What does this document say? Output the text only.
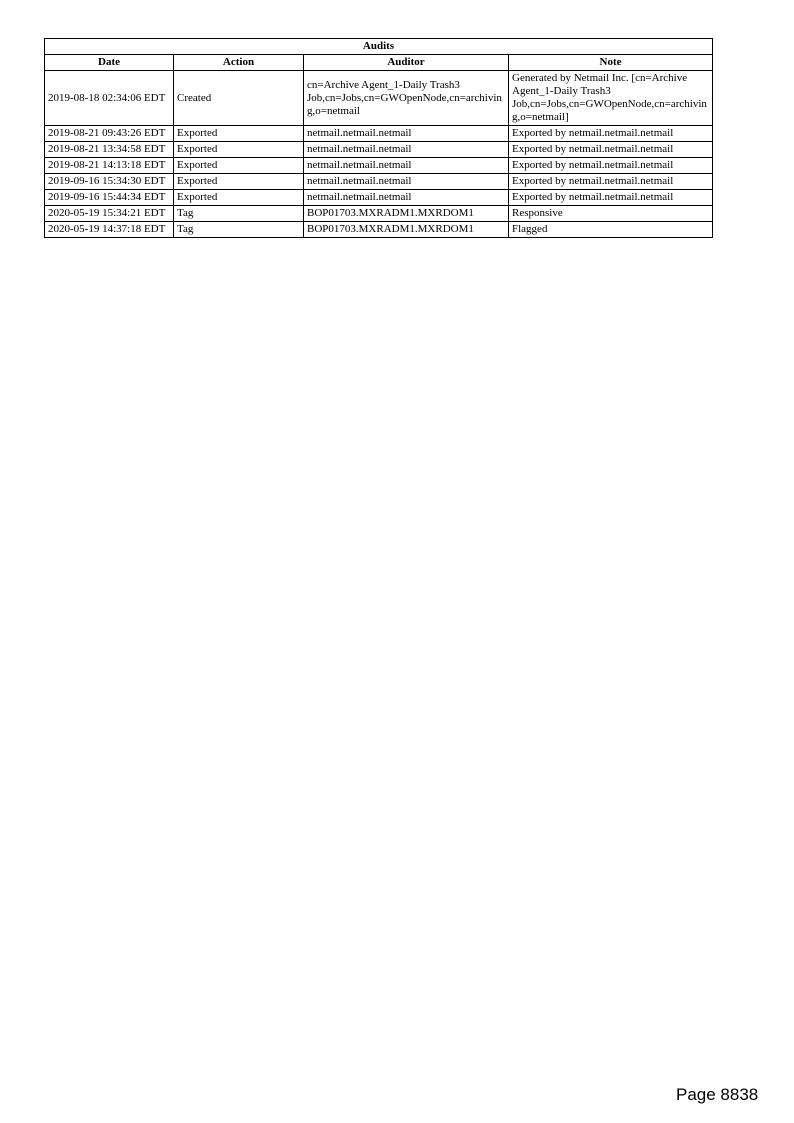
Audits			
Date	Action	Auditor	Note
2019-08-18 02:34:06 EDT	Created	cn=Archive Agent_1-Daily Trash3 Job,cn=Jobs,cn=GWOpenNode,cn=archiving,o=netmail	Generated by Netmail Inc. [cn=Archive Agent_1-Daily Trash3 Job,cn=Jobs,cn=GWOpenNode,cn=archiving,o=netmail]
2019-08-21 09:43:26 EDT	Exported	netmail.netmail.netmail	Exported by netmail.netmail.netmail
2019-08-21 13:34:58 EDT	Exported	netmail.netmail.netmail	Exported by netmail.netmail.netmail
2019-08-21 14:13:18 EDT	Exported	netmail.netmail.netmail	Exported by netmail.netmail.netmail
2019-09-16 15:34:30 EDT	Exported	netmail.netmail.netmail	Exported by netmail.netmail.netmail
2019-09-16 15:44:34 EDT	Exported	netmail.netmail.netmail	Exported by netmail.netmail.netmail
2020-05-19 15:34:21 EDT	Tag	BOP01703.MXRADM1.MXRDOM1	Responsive
2020-05-19 14:37:18 EDT	Tag	BOP01703.MXRADM1.MXRDOM1	Flagged
Page 8838
